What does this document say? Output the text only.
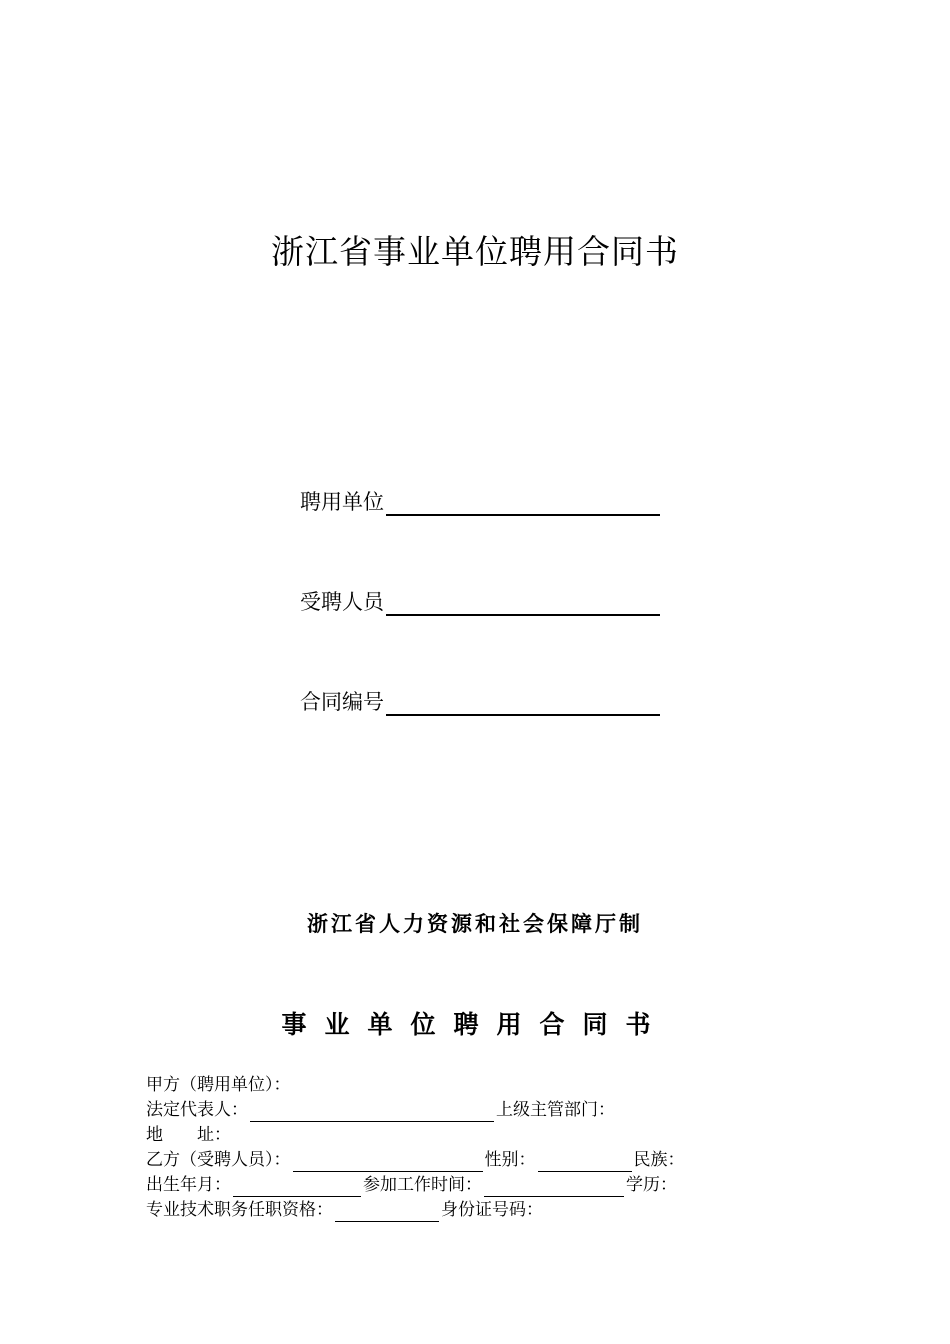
浙江省事业单位聘用合同书
聘用单位
受聘人员
合同编号
浙江省人力资源和社会保障厅制
事业单位聘用合同书
甲方（聘用单位）：
法定代表人：	上级主管部门：
地　　址：
乙方（受聘人员）：	性别：	民族：
出生年月：	参加工作时间：	学历：
专业技术职务任职资格：	身份证号码：
